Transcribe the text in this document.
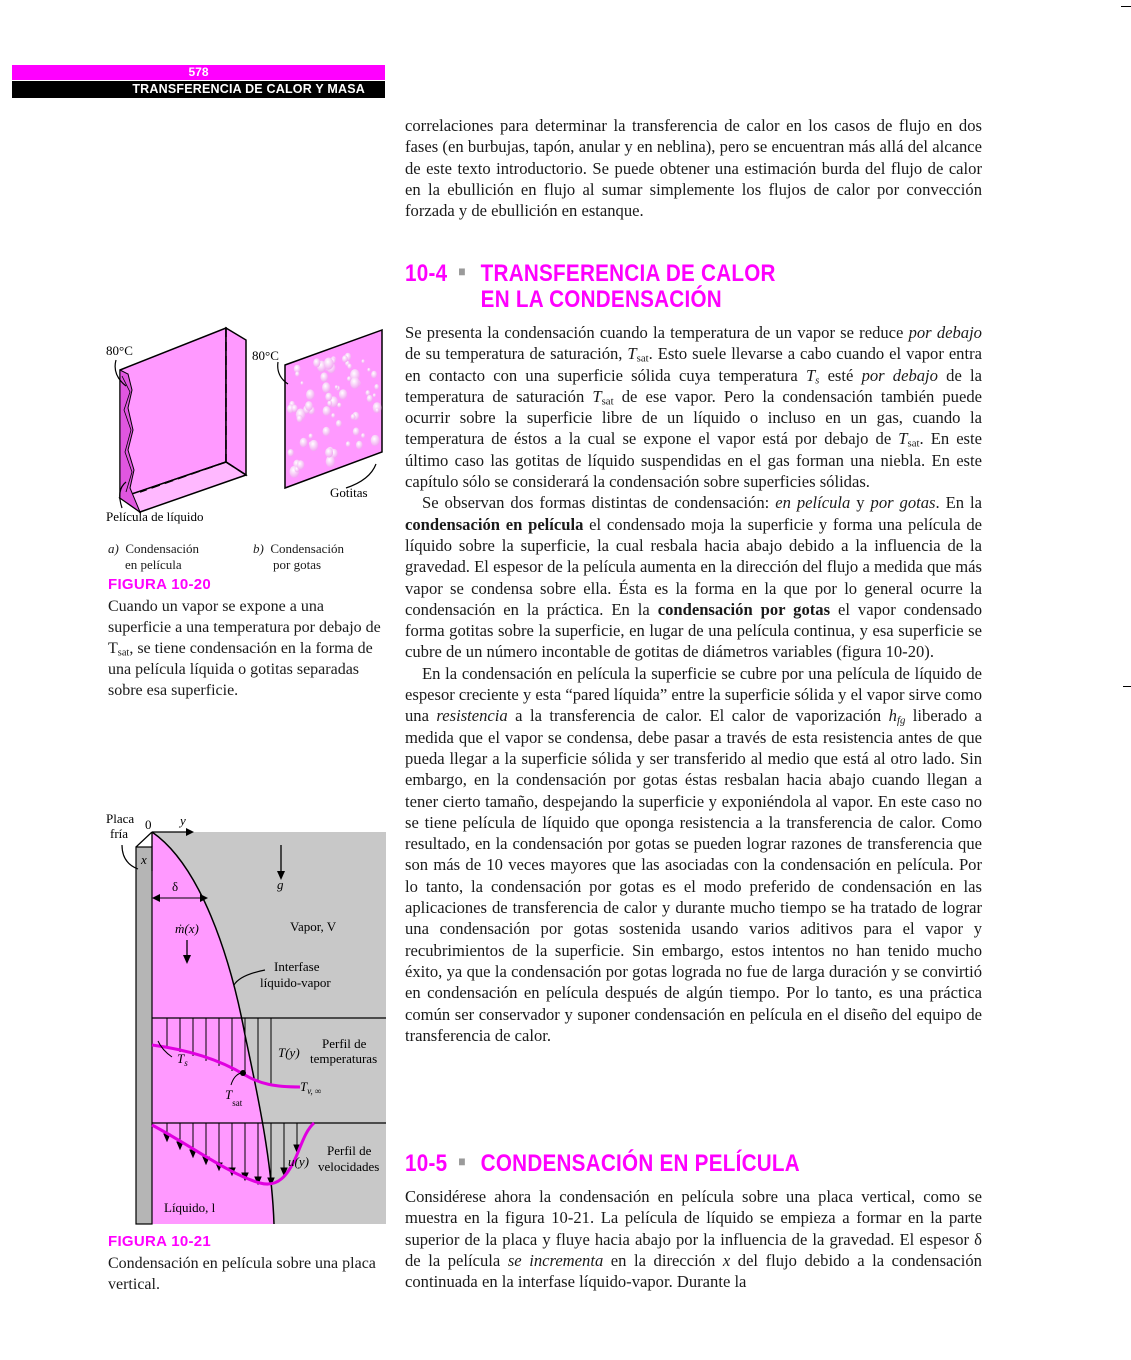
578
TRANSFERENCIA DE CALOR Y MASA

correlaciones para determinar la transferencia de calor en los casos de flujo en dos fases (en burbujas, tapón, anular y en neblina), pero se encuentran más allá del alcance de este texto introductorio. Se puede obtener una estimación burda del flujo de calor en la ebullición en flujo al sumar simplemente los flujos de calor por convección forzada y de ebullición en estanque.

10-4 ■ TRANSFERENCIA DE CALOR
EN LA CONDENSACIÓN

Se presenta la condensación cuando la temperatura de un vapor se reduce por debajo de su temperatura de saturación, $T_{sat}$. Esto suele llevarse a cabo cuando el vapor entra en contacto con una superficie sólida cuya temperatura $T_s$ esté por debajo de la temperatura de saturación $T_{sat}$ de ese vapor. Pero la condensación también puede ocurrir sobre la superficie libre de un líquido o incluso en un gas, cuando la temperatura de éstos a la cual se expone el vapor está por debajo de $T_{sat}$. En este último caso las gotitas de líquido suspendidas en el gas forman una niebla. En este capítulo sólo se considerará la condensación sobre superficies sólidas.

Se observan dos formas distintas de condensación: en película y por gotas. En la condensación en película el condensado moja la superficie y forma una película de líquido sobre la superficie, la cual resbala hacia abajo debido a la influencia de la gravedad. El espesor de la película aumenta en la dirección del flujo a medida que más vapor se condensa sobre ella. Ésta es la forma en la que por lo general ocurre la condensación en la práctica. En la condensación por gotas el vapor condensado forma gotitas sobre la superficie, en lugar de una película continua, y esa superficie se cubre de un número incontable de gotitas de diámetros variables (figura 10-20).

En la condensación en película la superficie se cubre por una película de líquido de espesor creciente y esta “pared líquida” entre la superficie sólida y el vapor sirve como una resistencia a la transferencia de calor. El calor de vaporización $h_{fg}$ liberado a medida que el vapor se condensa, debe pasar a través de esta resistencia antes de que pueda llegar a la superficie sólida y ser transferido al medio que está al otro lado. Sin embargo, en la condensación por gotas éstas resbalan hacia abajo cuando llegan a tener cierto tamaño, despejando la superficie y exponiéndola al vapor. En este caso no se tiene película de líquido que oponga resistencia a la transferencia de calor. Como resultado, en la condensación por gotas se pueden lograr razones de transferencia que son más de 10 veces mayores que las asociadas con la condensación en película. Por lo tanto, la condensación por gotas es el modo preferido de condensación en las aplicaciones de transferencia de calor y durante mucho tiempo se ha tratado de lograr una condensación por gotas sostenida usando varios aditivos para el vapor y recubrimientos de la superficie. Sin embargo, estos intentos no han tenido mucho éxito, ya que la condensación por gotas lograda no fue de larga duración y se convirtió en condensación en película después de algún tiempo. Por lo tanto, es una práctica común ser conservador y suponer condensación en película en el diseño del equipo de transferencia de calor.

10-5 ■ CONDENSACIÓN EN PELÍCULA

Considérese ahora la condensación en película sobre una placa vertical, como se muestra en la figura 10-21. La película de líquido se empieza a formar en la parte superior de la placa y fluye hacia abajo por la influencia de la gravedad. El espesor δ de la película se incrementa en la dirección x del flujo debido a la condensación continuada en la interfase líquido-vapor. Durante la

80°C	80°C
Gotitas
Película de líquido
a) Condensación
en película
b) Condensación
por gotas
FIGURA 10-20
Cuando un vapor se expone a una superficie a una temperatura por debajo de $T_{sat}$, se tiene condensación en la forma de una película líquida o gotitas separadas sobre esa superficie.
Placa
fría
0 y
x
g
δ
ṁ(x)	Vapor, V
Interfase
líquido-vapor
T(y)
Perfil de
temperaturas
$T_s$
$T_{sat}$
$T_{v, \infty}$
u(y)
Perfil de
velocidades
Líquido, l
FIGURA 10-21
Condensación en película sobre una placa vertical.
